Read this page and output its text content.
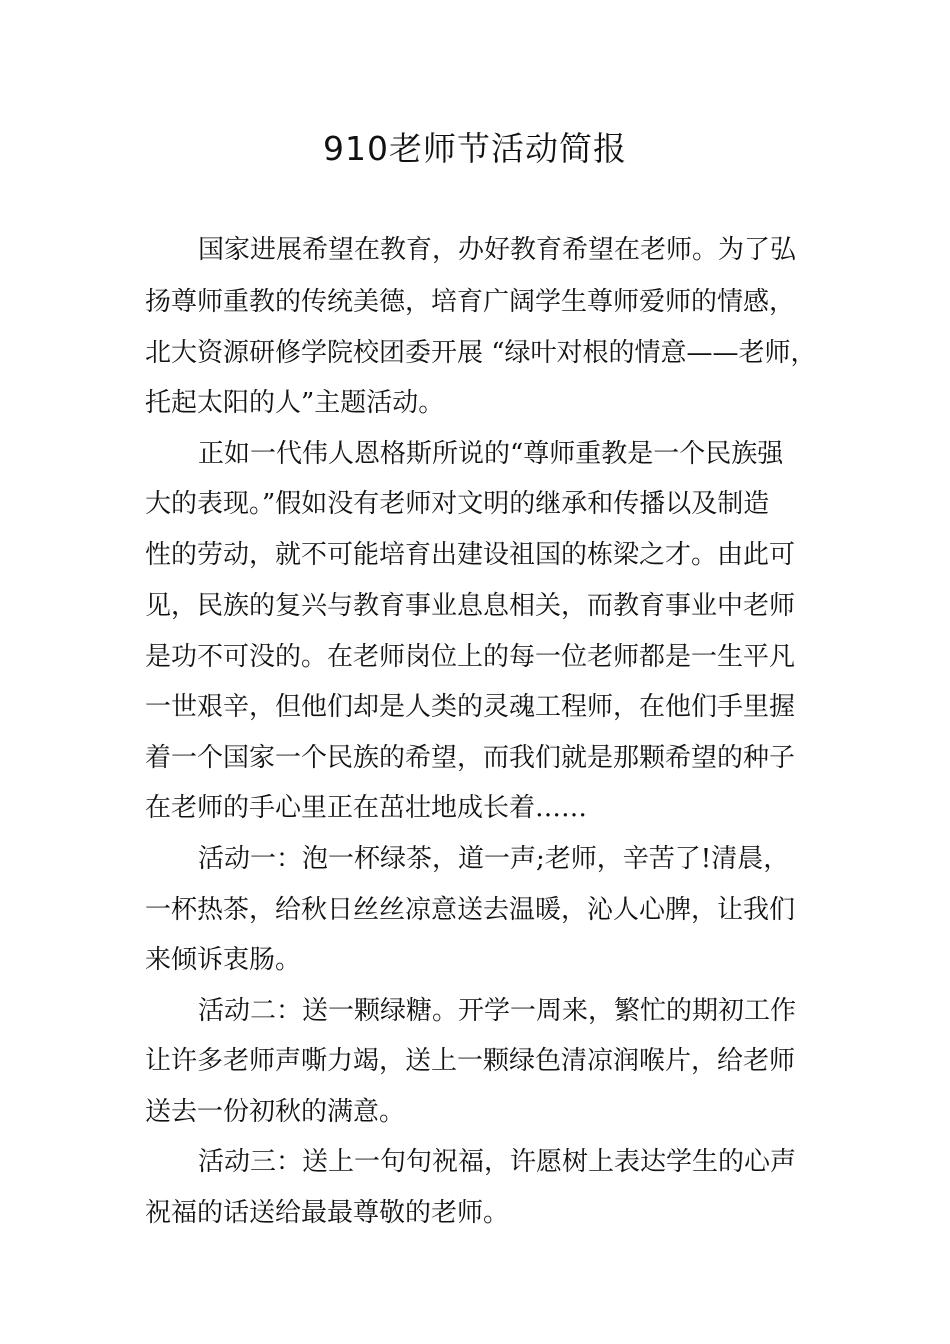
910老师节活动简报

国家进展希望在教育，办好教育希望在老师。为了弘

扬尊师重教的传统美德，培育广阔学生尊师爱师的情感，

北大资源研修学院校团委开展 “绿叶对根的情意——老师，

托起太阳的人”主题活动。

正如一代伟人恩格斯所说的“尊师重教是一个民族强

大的表现。”假如没有老师对文明的继承和传播以及制造

性的劳动，就不可能培育出建设祖国的栋梁之才。由此可

见，民族的复兴与教育事业息息相关，而教育事业中老师

是功不可没的。在老师岗位上的每一位老师都是一生平凡

一世艰辛，但他们却是人类的灵魂工程师，在他们手里握

着一个国家一个民族的希望，而我们就是那颗希望的种子

在老师的手心里正在茁壮地成长着……

活动一：泡一杯绿茶，道一声;老师，辛苦了!清晨，

一杯热茶，给秋日丝丝凉意送去温暖，沁人心脾，让我们

来倾诉衷肠。

活动二：送一颗绿糖。开学一周来，繁忙的期初工作

让许多老师声嘶力竭，送上一颗绿色清凉润喉片，给老师

送去一份初秋的满意。

活动三：送上一句句祝福，许愿树上表达学生的心声

祝福的话送给最最尊敬的老师。
